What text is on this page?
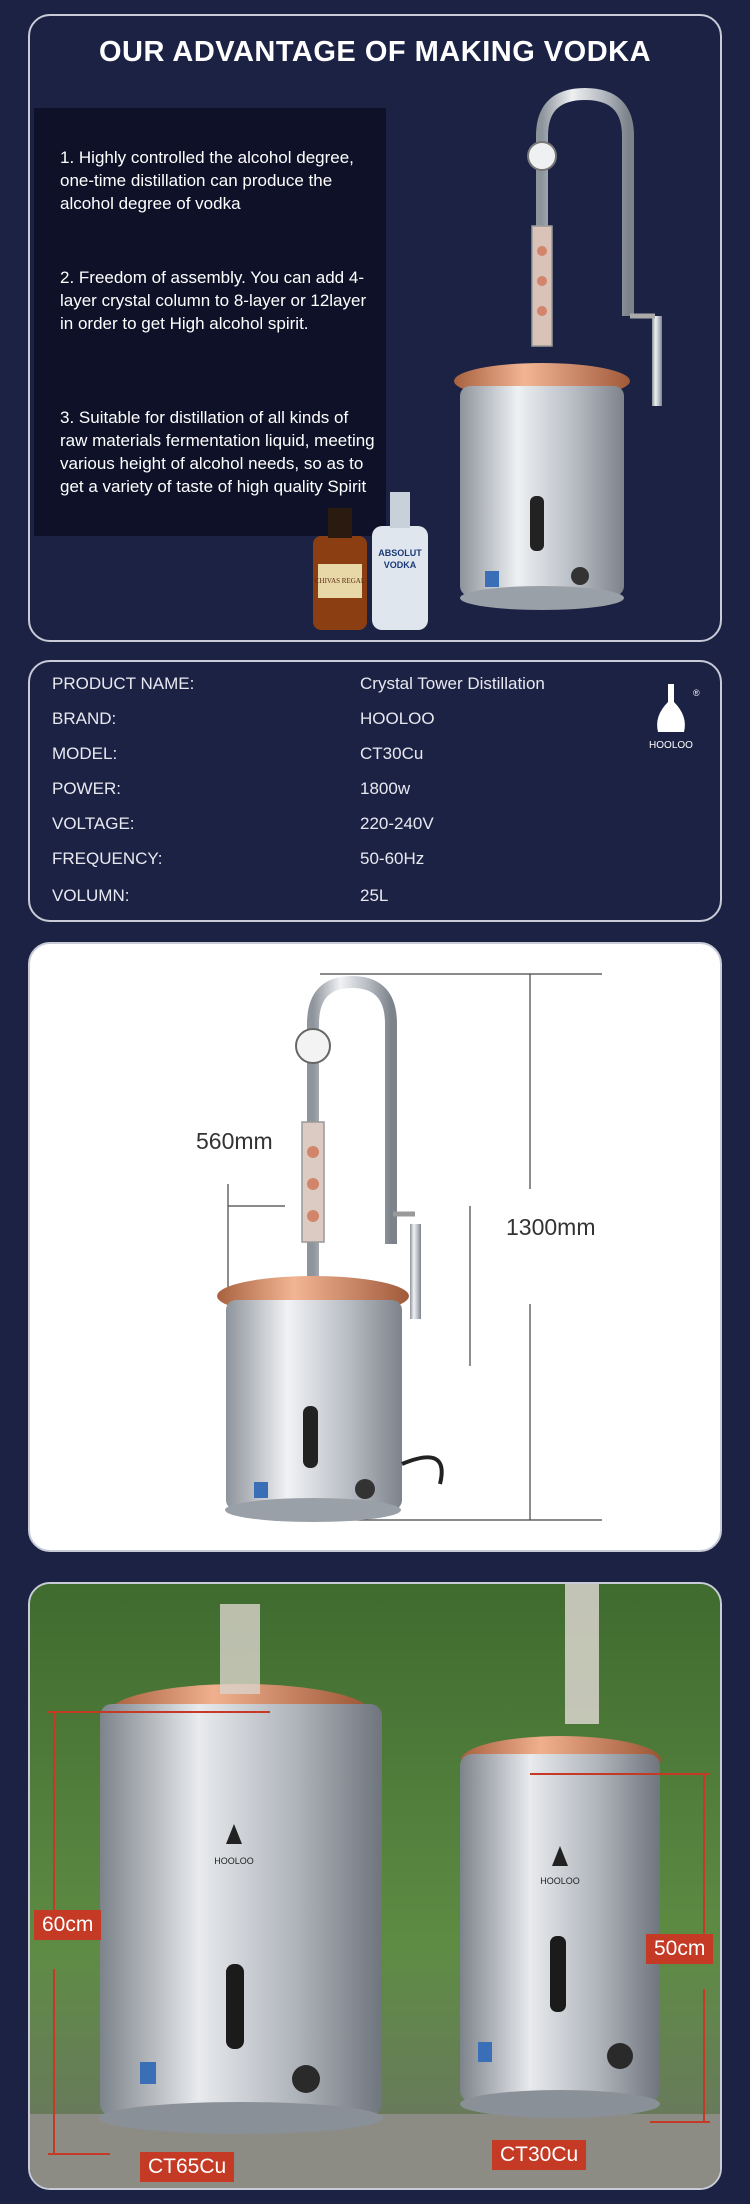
OUR ADVANTAGE OF MAKING VODKA
1. Highly controlled the alcohol degree, one-time distillation can produce the alcohol degree of vodka
2. Freedom of assembly. You can add 4-layer crystal column to 8-layer or 12layer in order to get High alcohol spirit.
3. Suitable for distillation of all kinds of raw materials fermentation liquid, meeting various height of alcohol needs, so as to get a variety of taste of high quality Spirit
CHIVAS REGAL
ABSOLUT
VODKA
PRODUCT NAME:	Crystal Tower Distillation
BRAND:	HOOLOO
MODEL:	CT30Cu
POWER:	1800w
VOLTAGE:	220-240V
FREQUENCY:	50-60Hz
VOLUMN:	25L
®
HOOLOO
560mm
1300mm
HOOLOO
HOOLOO
60cm
50cm
CT65Cu
CT30Cu
